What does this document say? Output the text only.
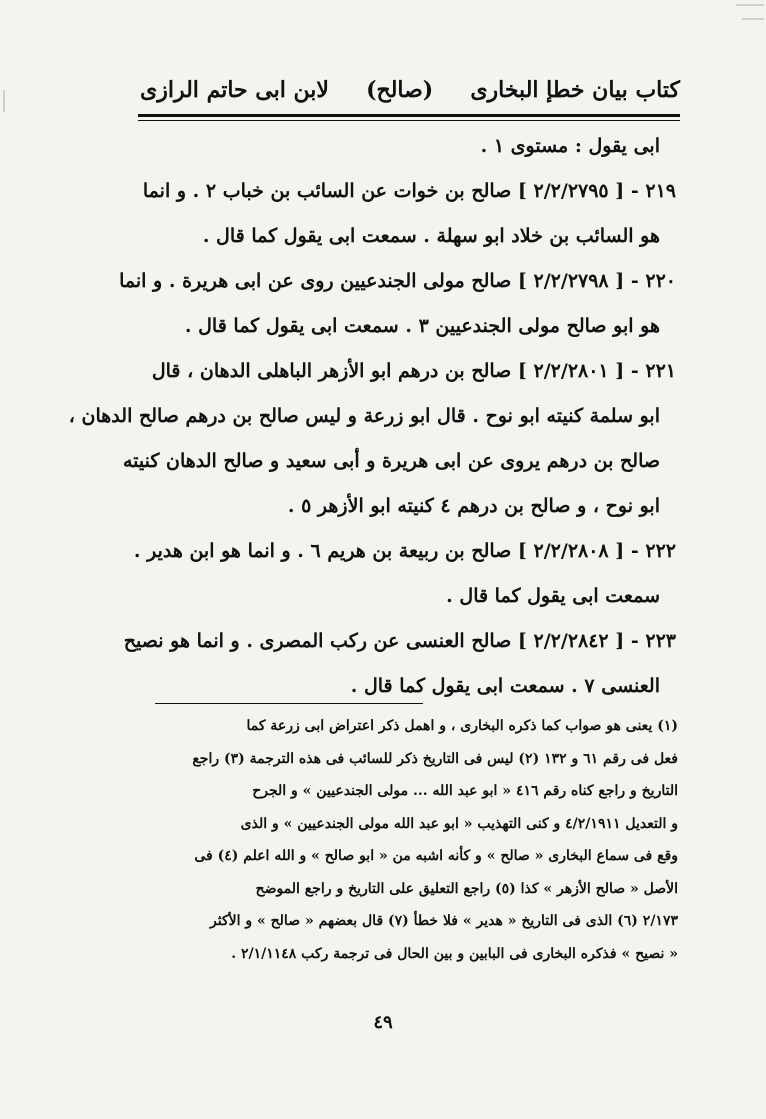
كتاب بيان خطإ البخارى
(صالح)
لابن ابى حاتم الرازى
ابى يقول : مستوى ١ .
٢١٩ - [ ٢/٢/٢٧٩٥ ] صالح بن خوات عن السائب بن خباب ٢ . و انما
هو السائب بن خلاد ابو سهلة . سمعت ابى يقول كما قال .
٢٢٠ - [ ٢/٢/٢٧٩٨ ] صالح مولى الجندعيين روى عن ابى هريرة . و انما
هو ابو صالح مولى الجندعيين ٣ . سمعت ابى يقول كما قال .
٢٢١ - [ ٢/٢/٢٨٠١ ] صالح بن درهم ابو الأزهر الباهلى الدهان ، قال
ابو سلمة كنيته ابو نوح . قال ابو زرعة و ليس صالح بن درهم صالح الدهان ،
صالح بن درهم يروى عن ابى هريرة و أبى سعيد و صالح الدهان كنيته
ابو نوح ، و صالح بن درهم ٤ كنيته ابو الأزهر ٥ .
٢٢٢ - [ ٢/٢/٢٨٠٨ ] صالح بن ربيعة بن هريم ٦ . و انما هو ابن هدير .
سمعت ابى يقول كما قال .
٢٢٣ - [ ٢/٢/٢٨٤٢ ] صالح العنسى عن ركب المصرى . و انما هو نصيح
العنسى ٧ . سمعت ابى يقول كما قال .
(١) يعنى هو صواب كما ذكره البخارى ، و اهمل ذكر اعتراض ابى زرعة كما
فعل فى رقم ٦١ و ١٣٢ (٢) ليس فى التاريخ ذكر للسائب فى هذه الترجمة (٣) راجع
التاريخ و راجع كناه رقم ٤١٦ « ابو عبد الله ... مولى الجندعيين » و الجرح
و التعديل ٤/٢/١٩١١ و كنى التهذيب « ابو عبد الله مولى الجندعيين » و الذى
وقع فى سماع البخارى « صالح » و كأنه اشبه من « ابو صالح » و الله اعلم (٤) فى
الأصل « صالح الأزهر » كذا (٥) راجع التعليق على التاريخ و راجع الموضح
٢/١٧٣ (٦) الذى فى التاريخ « هدير » فلا خطأ (٧) قال بعضهم « صالح » و الأكثر
« نصيح » فذكره البخارى فى البابين و بين الحال فى ترجمة ركب ٢/١/١١٤٨ .
٤٩
